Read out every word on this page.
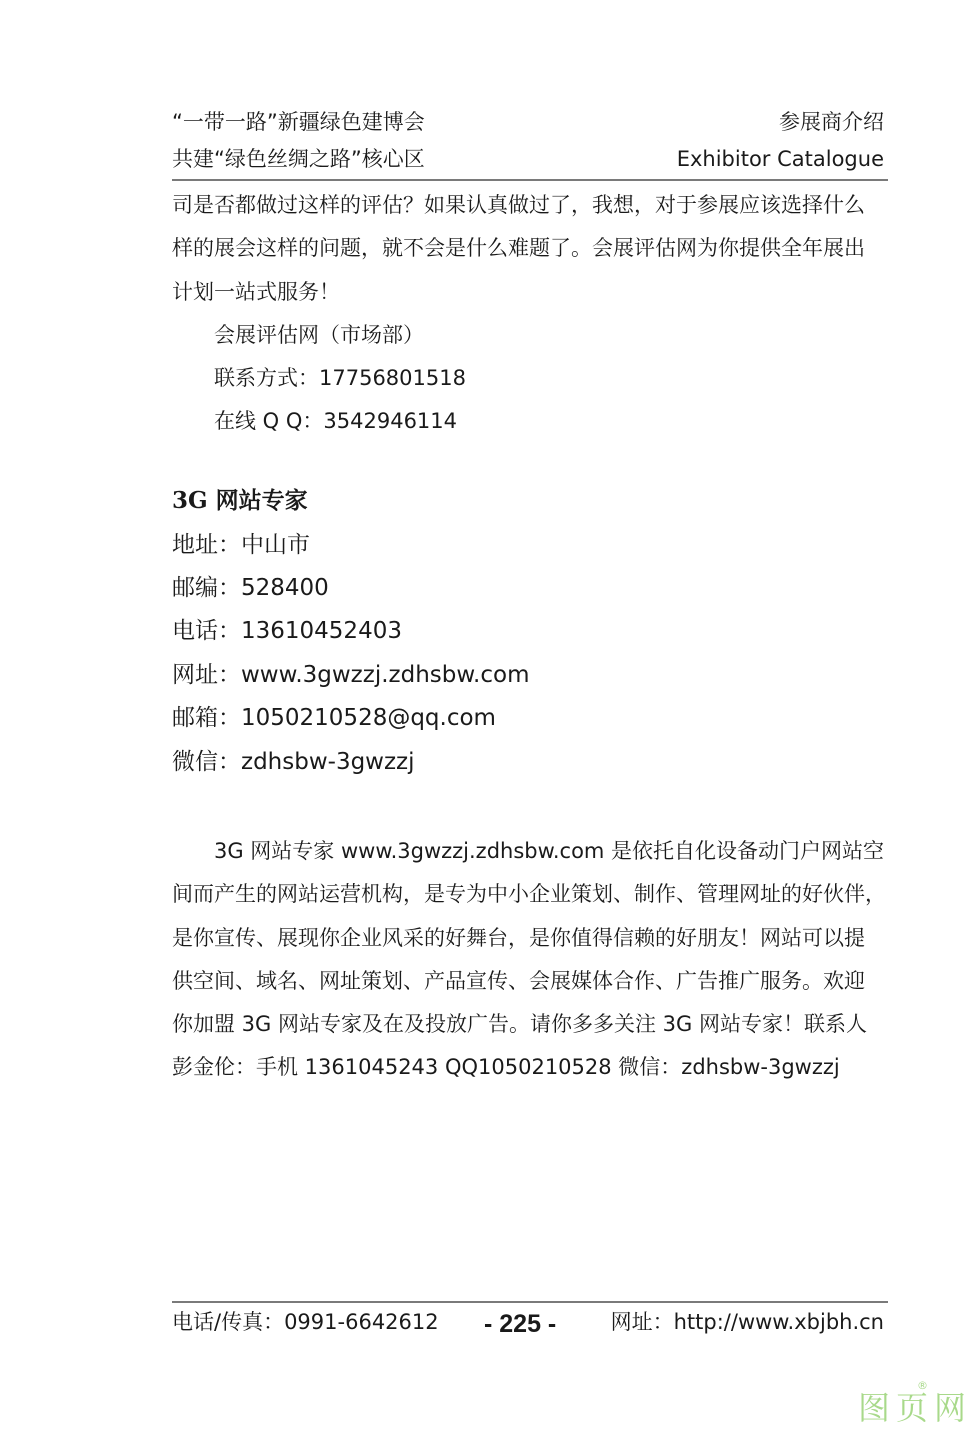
“一带一路”新疆绿色建博会	参展商介绍
共建“绿色丝绸之路”核心区	Exhibitor Catalogue
司是否都做过这样的评估？如果认真做过了，我想，对于参展应该选择什么
样的展会这样的问题，就不会是什么难题了。会展评估网为你提供全年展出
计划一站式服务！
会展评估网（市场部）
联系方式：17756801518
在线 Q Q：3542946114
3G 网站专家
地址：中山市
邮编：528400
电话：13610452403
网址：www.3gwzzj.zdhsbw.com
邮箱：1050210528@qq.com
微信：zdhsbw-3gwzzj
3G 网站专家 www.3gwzzj.zdhsbw.com 是依托自化设备动门户网站空
间而产生的网站运营机构，是专为中小企业策划、制作、管理网址的好伙伴，
是你宣传、展现你企业风采的好舞台，是你值得信赖的好朋友！网站可以提
供空间、域名、网址策划、产品宣传、会展媒体合作、广告推广服务。欢迎
你加盟 3G 网站专家及在及投放广告。请你多多关注 3G 网站专家！联系人
彭金伦：手机 1361045243 QQ1050210528 微信：zdhsbw-3gwzzj
电话/传真：0991-6642612 - 225 -	网址：http://www.xbjbh.cn
图页网
®
